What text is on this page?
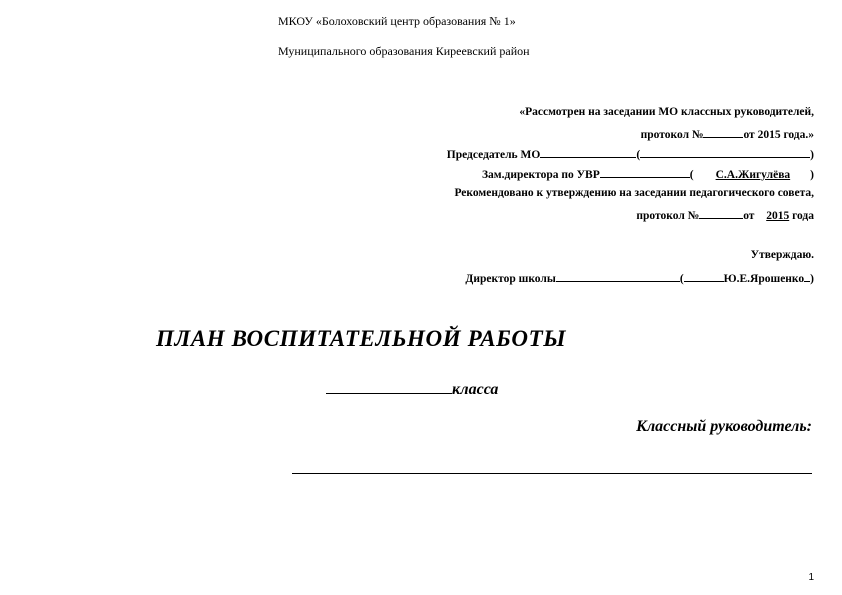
МКОУ «Болоховский центр образования № 1»
Муниципального образования Киреевский район
«Рассмотрен на заседании МО классных руководителей,
протокол №	от 2015 года.»
Председатель МО	(	)
Зам.директора по УВР	( С.А.Жигулёва )
Рекомендовано к утверждению на заседании педагогического совета,
протокол №	от 2015 года
Утверждаю.
Директор школы	(	Ю.Е.Ярошенко )
ПЛАН ВОСПИТАТЕЛЬНОЙ РАБОТЫ
класса
Классный руководитель:
1
